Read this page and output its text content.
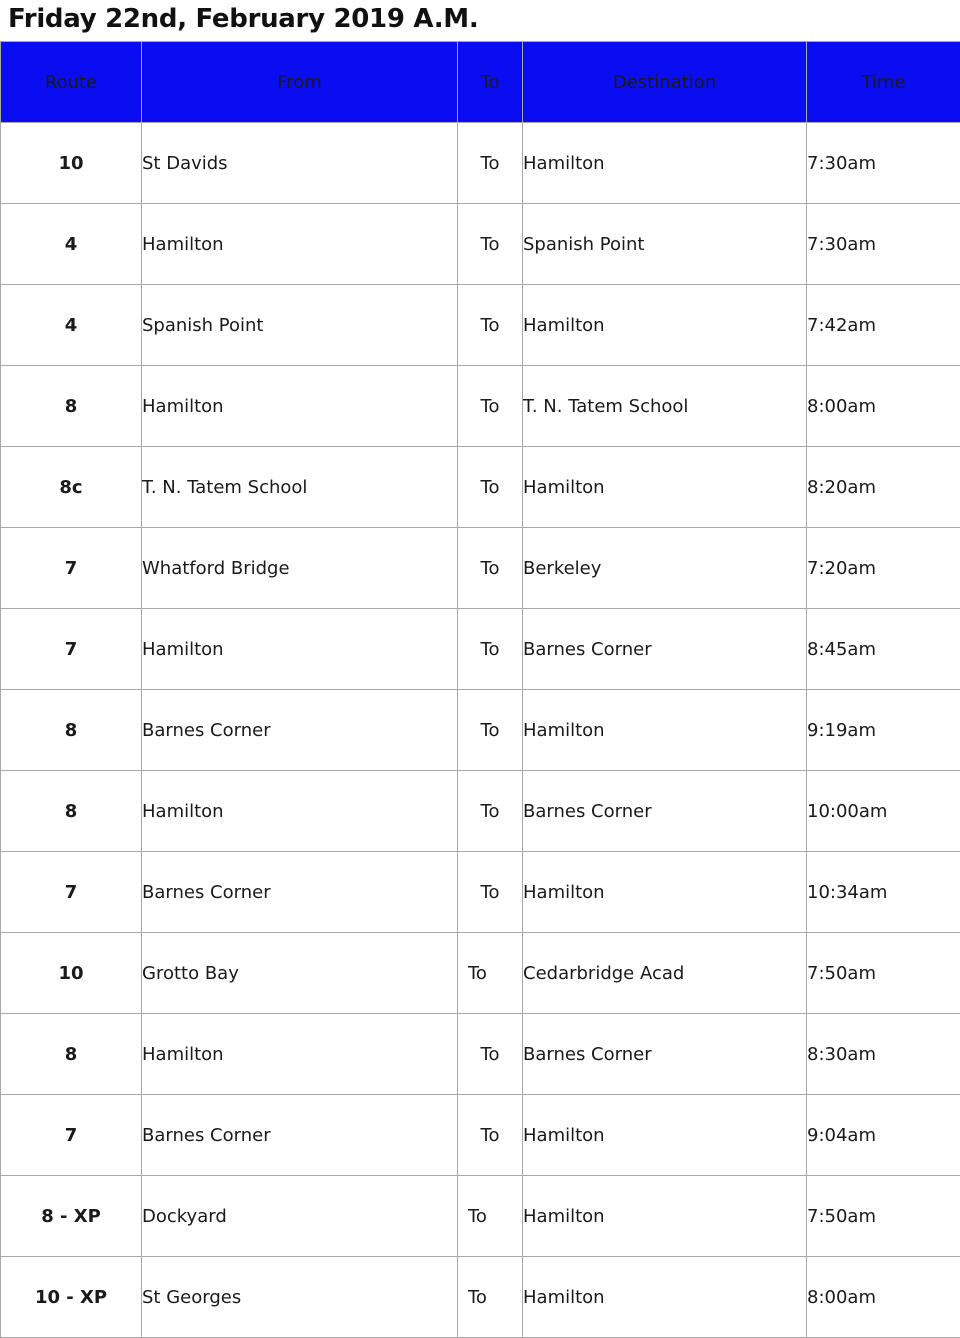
Friday 22nd, February 2019 A.M.
Route	From	To	Destination	Time
10	St Davids	To	Hamilton	7:30am
4	Hamilton	To	Spanish Point	7:30am
4	Spanish Point	To	Hamilton	7:42am
8	Hamilton	To	T. N. Tatem School	8:00am
8c	T. N. Tatem School	To	Hamilton	8:20am
7	Whatford Bridge	To	Berkeley	7:20am
7	Hamilton	To	Barnes Corner	8:45am
8	Barnes Corner	To	Hamilton	9:19am
8	Hamilton	To	Barnes Corner	10:00am
7	Barnes Corner	To	Hamilton	10:34am
10	Grotto Bay	To	Cedarbridge Acad	7:50am
8	Hamilton	To	Barnes Corner	8:30am
7	Barnes Corner	To	Hamilton	9:04am
8 - XP	Dockyard	To	Hamilton	7:50am
10 - XP	St Georges	To	Hamilton	8:00am
